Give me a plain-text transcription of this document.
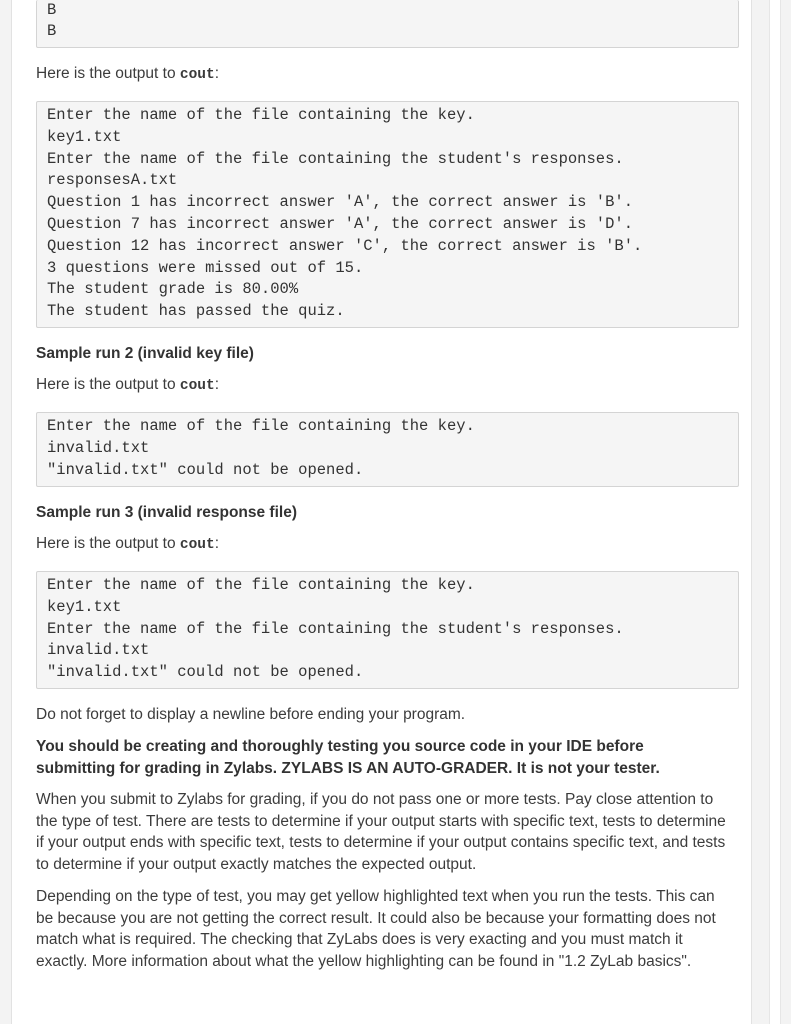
B
B

Here is the output to cout:

Enter the name of the file containing the key.
key1.txt
Enter the name of the file containing the student's responses.
responsesA.txt
Question 1 has incorrect answer 'A', the correct answer is 'B'.
Question 7 has incorrect answer 'A', the correct answer is 'D'.
Question 12 has incorrect answer 'C', the correct answer is 'B'.
3 questions were missed out of 15.
The student grade is 80.00%
The student has passed the quiz.

Sample run 2 (invalid key file)

Here is the output to cout:

Enter the name of the file containing the key.
invalid.txt
"invalid.txt" could not be opened.

Sample run 3 (invalid response file)

Here is the output to cout:

Enter the name of the file containing the key.
key1.txt
Enter the name of the file containing the student's responses.
invalid.txt
"invalid.txt" could not be opened.

Do not forget to display a newline before ending your program.

You should be creating and thoroughly testing you source code in your IDE before submitting for grading in Zylabs. ZYLABS IS AN AUTO-GRADER. It is not your tester.

When you submit to Zylabs for grading, if you do not pass one or more tests. Pay close attention to the type of test. There are tests to determine if your output starts with specific text, tests to determine if your output ends with specific text, tests to determine if your output contains specific text, and tests to determine if your output exactly matches the expected output.

Depending on the type of test, you may get yellow highlighted text when you run the tests. This can be because you are not getting the correct result. It could also be because your formatting does not match what is required. The checking that ZyLabs does is very exacting and you must match it exactly. More information about what the yellow highlighting can be found in "1.2 ZyLab basics".
